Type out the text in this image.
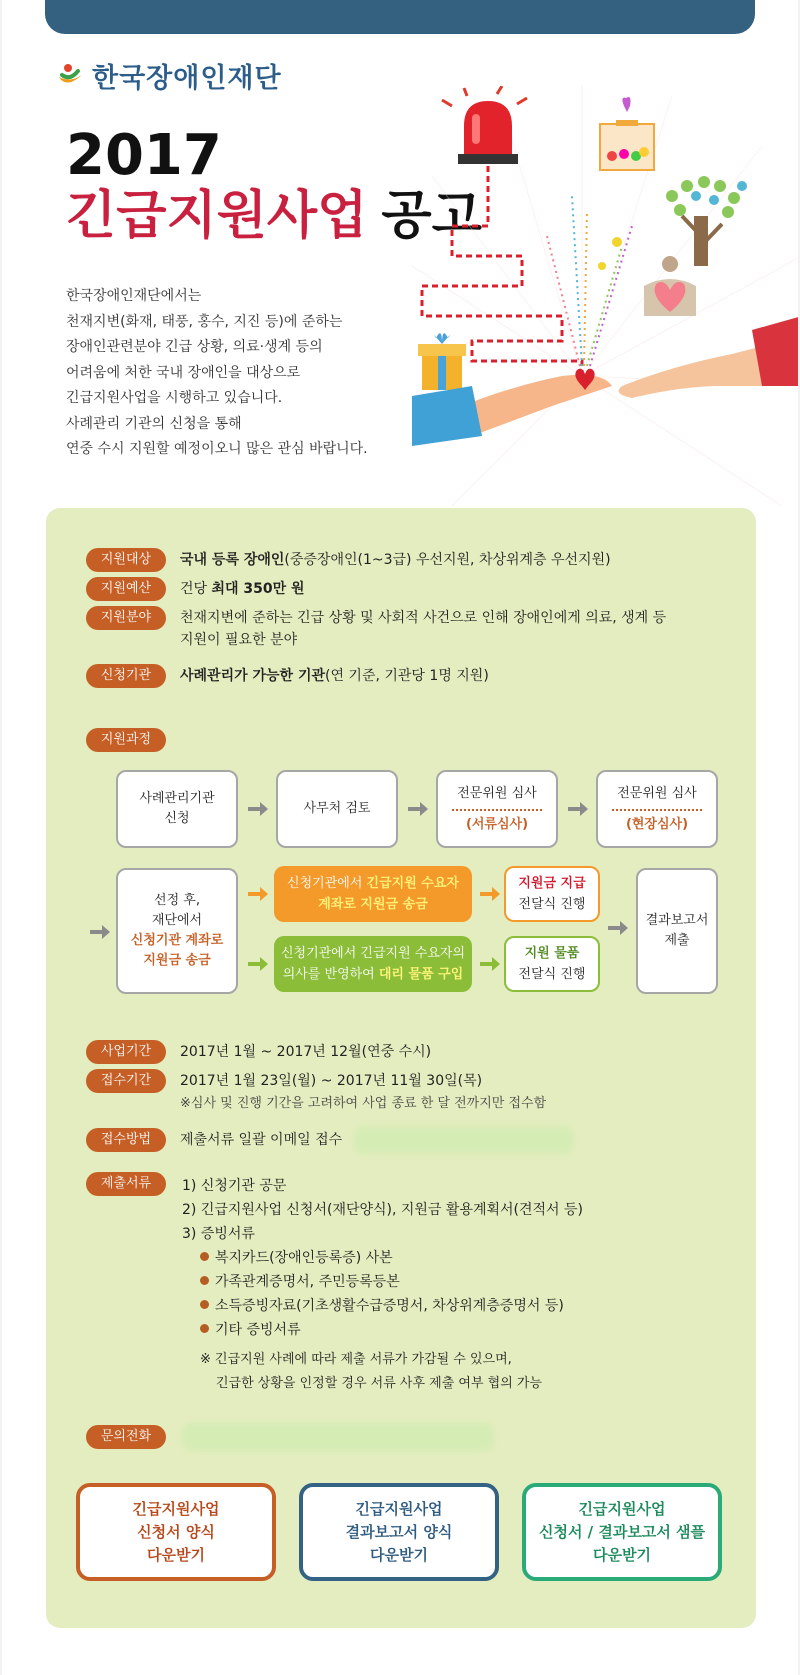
한국장애인재단
2017
긴급지원사업 공고

한국장애인재단에서는

천재지변(화재, 태풍, 홍수, 지진 등)에 준하는

장애인관련분야 긴급 상황, 의료·생계 등의

어려움에 처한 국내 장애인을 대상으로

긴급지원사업을 시행하고 있습니다.

사례관리 기관의 신청을 통해

연중 수시 지원할 예정이오니 많은 관심 바랍니다.

지원대상	국내 등록 장애인(중증장애인(1~3급) 우선지원, 차상위계층 우선지원)
지원예산	건당 최대 350만 원
지원분야	천재지변에 준하는 긴급 상황 및 사회적 사건으로 인해 장애인에게 의료, 생계 등
지원이 필요한 분야
신청기관	사례관리가 가능한 기관(연 기준, 기관당 1명 지원)
지원과정
사례관리기관
신청
사무처 검토
전문위원 심사
(서류심사)
전문위원 심사
(현장심사)
선정 후,
재단에서
신청기관 계좌로
지원금 송금
신청기관에서 긴급지원 수요자
계좌로 지원금 송금
신청기관에서 긴급지원 수요자의
의사를 반영하여 대리 물품 구입
지원금 지급
전달식 진행
지원 물품
전달식 진행
결과보고서
제출
사업기간	2017년 1월 ~ 2017년 12월(연중 수시)
접수기간	2017년 1월 23일(월) ~ 2017년 11월 30일(목)
※심사 및 진행 기간을 고려하여 사업 종료 한 달 전까지만 접수함
접수방법	제출서류 일괄 이메일 접수
제출서류	1) 신청기관 공문
2) 긴급지원사업 신청서(재단양식), 지원금 활용계획서(견적서 등)
3) 증빙서류
복지카드(장애인등록증) 사본
가족관계증명서, 주민등록등본
소득증빙자료(기초생활수급증명서, 차상위계층증명서 등)
기타 증빙서류
※ 긴급지원 사례에 따라 제출 서류가 가감될 수 있으며,
긴급한 상황을 인정할 경우 서류 사후 제출 여부 협의 가능
문의전화
긴급지원사업
신청서 양식
다운받기
긴급지원사업
결과보고서 양식
다운받기
긴급지원사업
신청서 / 결과보고서 샘플
다운받기
